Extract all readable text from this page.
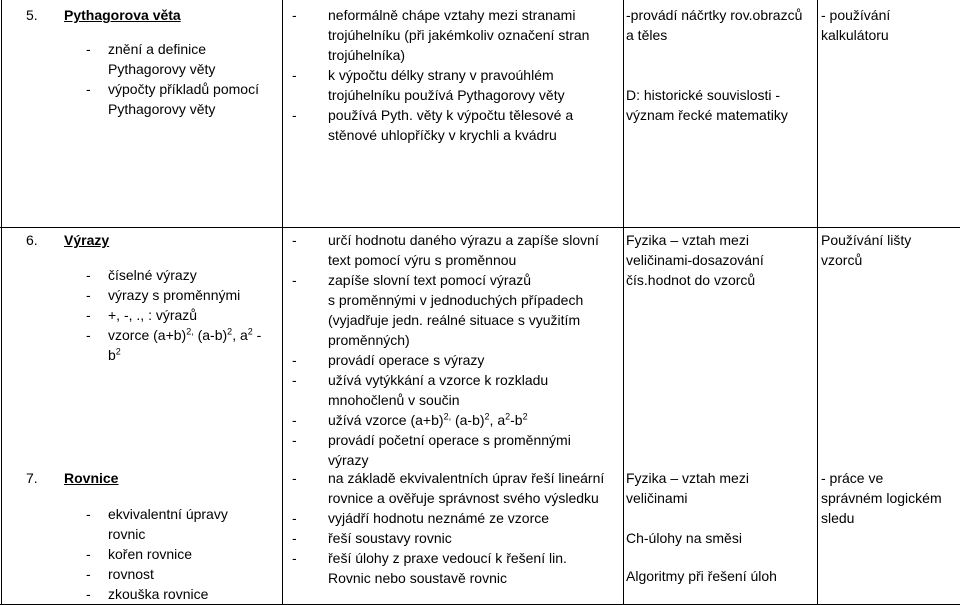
5. Pythagorova věta
- znění a definice
Pythagorovy věty
- výpočty příkladů pomocí
Pythagorovy věty
- neformálně chápe vztahy mezi stranami
trojúhelníku (při jakémkoliv označení stran
trojúhelníka)
- k výpočtu délky strany v pravoúhlém
trojúhelníku používá Pythagorovy věty
- používá Pyth. věty k výpočtu tělesové a
stěnové uhlopříčky v krychli a kvádru
-provádí náčrtky rov.obrazců
a těles

D: historické souvislosti -
význam řecké matematiky
- používání
kalkulátoru
6. Výrazy
- číselné výrazy
- výrazy s proměnnými
- +, -, ., : výrazů
- vzorce $(a+b)^{2,}$ $(a-b)^2$, $a^2$ -
$b^2$
- určí hodnotu daného výrazu a zapíše slovní
text pomocí výru s proměnnou
- zapíše slovní text pomocí výrazů
s proměnnými v jednoduchých případech
(vyjadřuje jedn. reálné situace s využitím
proměnných)
- provádí operace s výrazy
- užívá vytýkkání a vzorce k rozkladu
mnohočlenů v součin
- užívá vzorce $(a+b)^{2,}$ $(a-b)^2$, $a^2-b^2$
- provádí početní operace s proměnnými
výrazy
Fyzika – vztah mezi
veličinami-dosazování
čís.hodnot do vzorců
Používání lišty
vzorců
7. Rovnice
- ekvivalentní úpravy
rovnic
- kořen rovnice
- rovnost
- zkouška rovnice
- na základě ekvivalentních úprav řeší lineární
rovnice a ověřuje správnost svého výsledku
- vyjádří hodnotu neznámé ze vzorce
- řeší soustavy rovnic
- řeší úlohy z praxe vedoucí k řešení lin.
Rovnic nebo soustavě rovnic
Fyzika – vztah mezi
veličinami

Ch-úlohy na směsi

Algoritmy při řešení úloh
- práce ve
správném logickém
sledu
